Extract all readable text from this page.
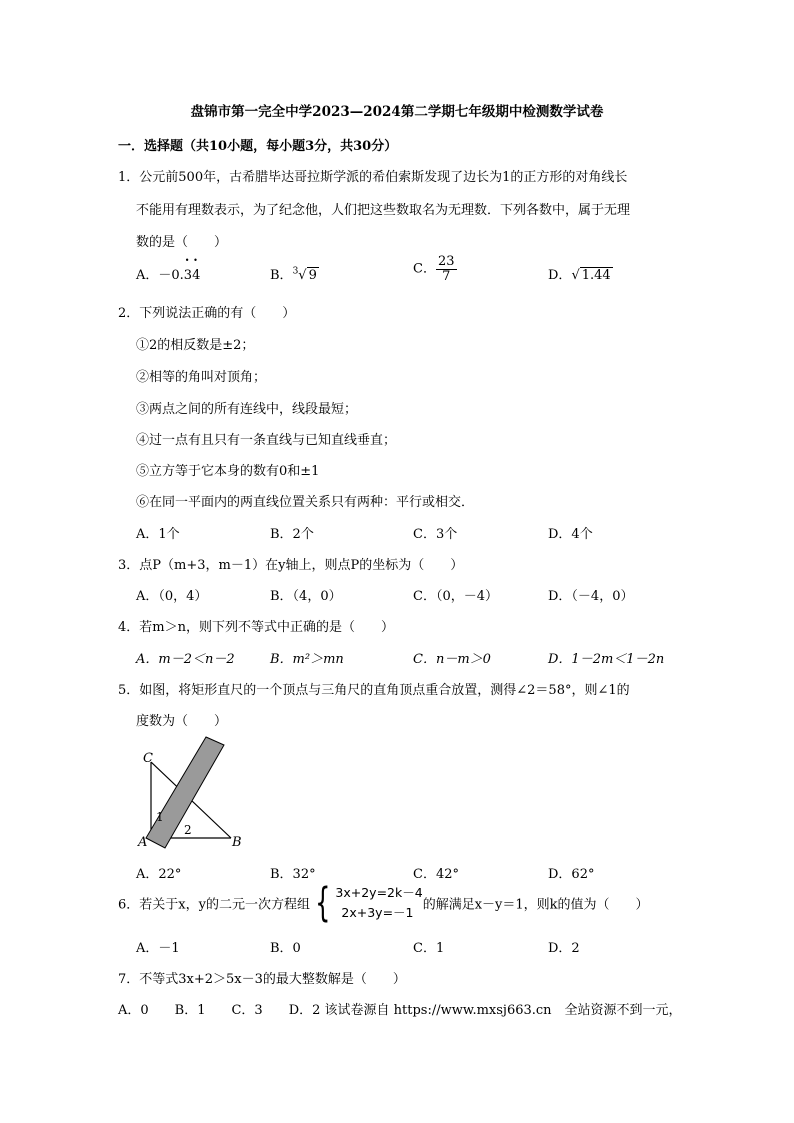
盘锦市第一完全中学2023—2024第二学期七年级期中检测数学试卷
一．选择题（共10小题，每小题3分，共30分）
1．公元前500年，古希腊毕达哥拉斯学派的希伯索斯发现了边长为1的正方形的对角线长
不能用有理数表示，为了纪念他，人们把这些数取名为无理数．下列各数中，属于无理
数的是（　　）
A．－0.• 3• 4	B．$^3$√ 9	C． $\frac{23}{7}$	D．√ 1.44
2．下列说法正确的有（　　）
①2的相反数是±2；
②相等的角叫对顶角；
③两点之间的所有连线中，线段最短；
④过一点有且只有一条直线与已知直线垂直；
⑤立方等于它本身的数有0和±1
⑥在同一平面内的两直线位置关系只有两种：平行或相交．
A．1个	B．2个	C．3个	D．4个
3．点P（m+3，m－1）在y轴上，则点P的坐标为（　　）
A．（0，4）	B．（4，0）	C．（0，－4）	D．（－4，0）
4．若m＞n，则下列不等式中正确的是（　　）
A．m－2＜n－2	B．m²＞mn	C．n－m＞0	D．1－2m＜1－2n
5．如图，将矩形直尺的一个顶点与三角尺的直角顶点重合放置，测得∠2＝58°，则∠1的
度数为（　　）
C
A	B
1
2
A．22°	B．32°	C．42°	D．62°
6．若关于x，y的二元一次方程组 { 3x+2y=2k－4
2x+3y=－1 的解满足x－y＝1，则k的值为（　　）
A．－1	B．0	C．1	D．2
7．不等式3x+2＞5x－3的最大整数解是（　　）
A．0　　B．1　　C．3　　D．2 该试卷源自 https://www.mxsj663.cn　全站资源不到一元，
